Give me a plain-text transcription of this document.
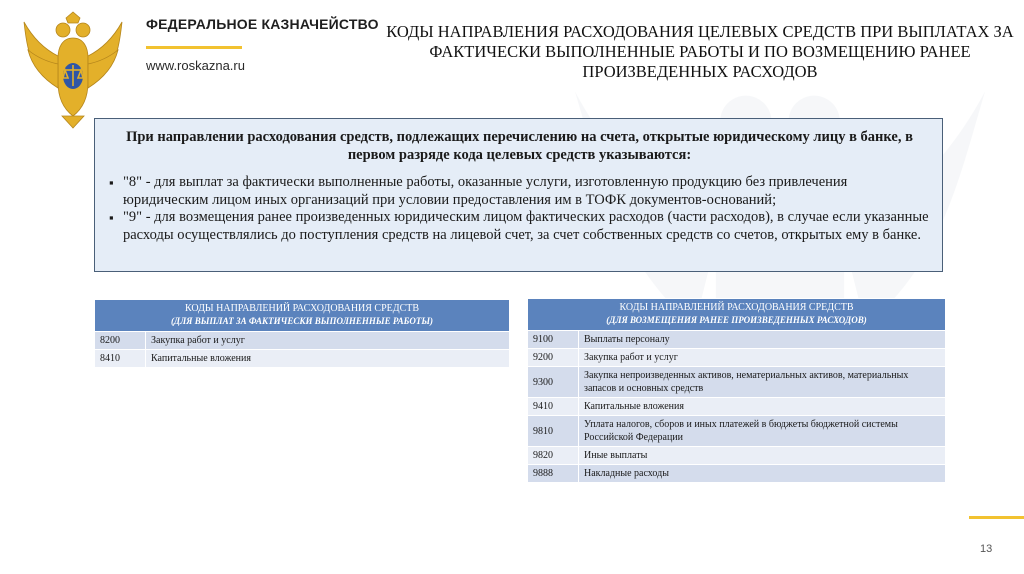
ФЕДЕРАЛЬНОЕ КАЗНАЧЕЙСТВО
www.roskazna.ru
КОДЫ НАПРАВЛЕНИЯ РАСХОДОВАНИЯ ЦЕЛЕВЫХ СРЕДСТВ ПРИ ВЫПЛАТАХ ЗА ФАКТИЧЕСКИ ВЫПОЛНЕННЫЕ РАБОТЫ И ПО ВОЗМЕЩЕНИЮ РАНЕЕ ПРОИЗВЕДЕННЫХ РАСХОДОВ

При направлении расходования средств, подлежащих перечислению на счета, открытые юридическому лицу в банке, в первом разряде кода целевых средств указываются:

▪ "8" - для выплат за фактически выполненные работы, оказанные услуги, изготовленную продукцию без привлечения юридическим лицом иных организаций при условии предоставления им в ТОФК документов-оснований;
▪ "9" - для возмещения ранее произведенных юридическим лицом фактических расходов (части расходов), в случае если указанные расходы осуществлялись до поступления средств на лицевой счет, за счет собственных средств со счетов, открытых ему в банке.
КОДЫ НАПРАВЛЕНИЙ РАСХОДОВАНИЯ СРЕДСТВ
(ДЛЯ ВЫПЛАТ ЗА ФАКТИЧЕСКИ ВЫПОЛНЕННЫЕ РАБОТЫ)	

8200	Закупка работ и услуг
8410	Капитальные вложения
КОДЫ НАПРАВЛЕНИЙ РАСХОДОВАНИЯ СРЕДСТВ
(ДЛЯ ВОЗМЕЩЕНИЯ РАНЕЕ ПРОИЗВЕДЕННЫХ РАСХОДОВ)	

9100	Выплаты персоналу
9200	Закупка работ и услуг
9300	Закупка непроизведенных активов, нематериальных активов, материальных запасов и основных средств
9410	Капитальные вложения
9810	Уплата налогов, сборов и иных платежей в бюджеты бюджетной системы Российской Федерации
9820	Иные выплаты
9888	Накладные расходы
13
